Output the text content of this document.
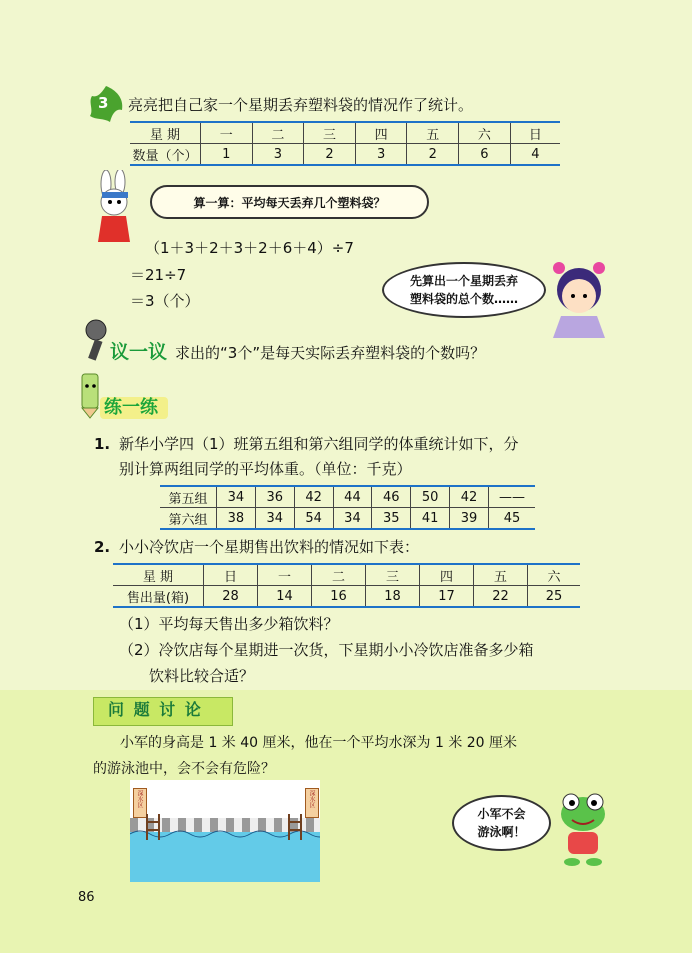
3 亮亮把自己家一个星期丢弃塑料袋的情况作了统计。
星 期	一	二	三	四	五	六	日
数量（个）	1	3	2	3	2	6	4
算一算：平均每天丢弃几个塑料袋？
（1＋3＋2＋3＋2＋6＋4）÷7
＝21÷7
＝3（个）
先算出一个星期丢弃
塑料袋的总个数……
议一议 求出的“3个”是每天实际丢弃塑料袋的个数吗？
练一练
1. 新华小学四（1）班第五组和第六组同学的体重统计如下，分
别计算两组同学的平均体重。（单位：千克）
第五组	34	36	42	44	46	50	42	——
第六组	38	34	54	34	35	41	39	45
2. 小小冷饮店一个星期售出饮料的情况如下表：
星 期	日	一	二	三	四	五	六
售出量(箱)	28	14	16	18	17	22	25
（1）平均每天售出多少箱饮料？
（2）冷饮店每个星期进一次货，下星期小小冷饮店准备多少箱
饮料比较合适？
问 题 讨 论
小军的身高是 1 米 40 厘米，他在一个平均水深为 1 米 20 厘米
的游泳池中，会不会有危险？
深水区	深水区
小军不会
游泳啊！
86
